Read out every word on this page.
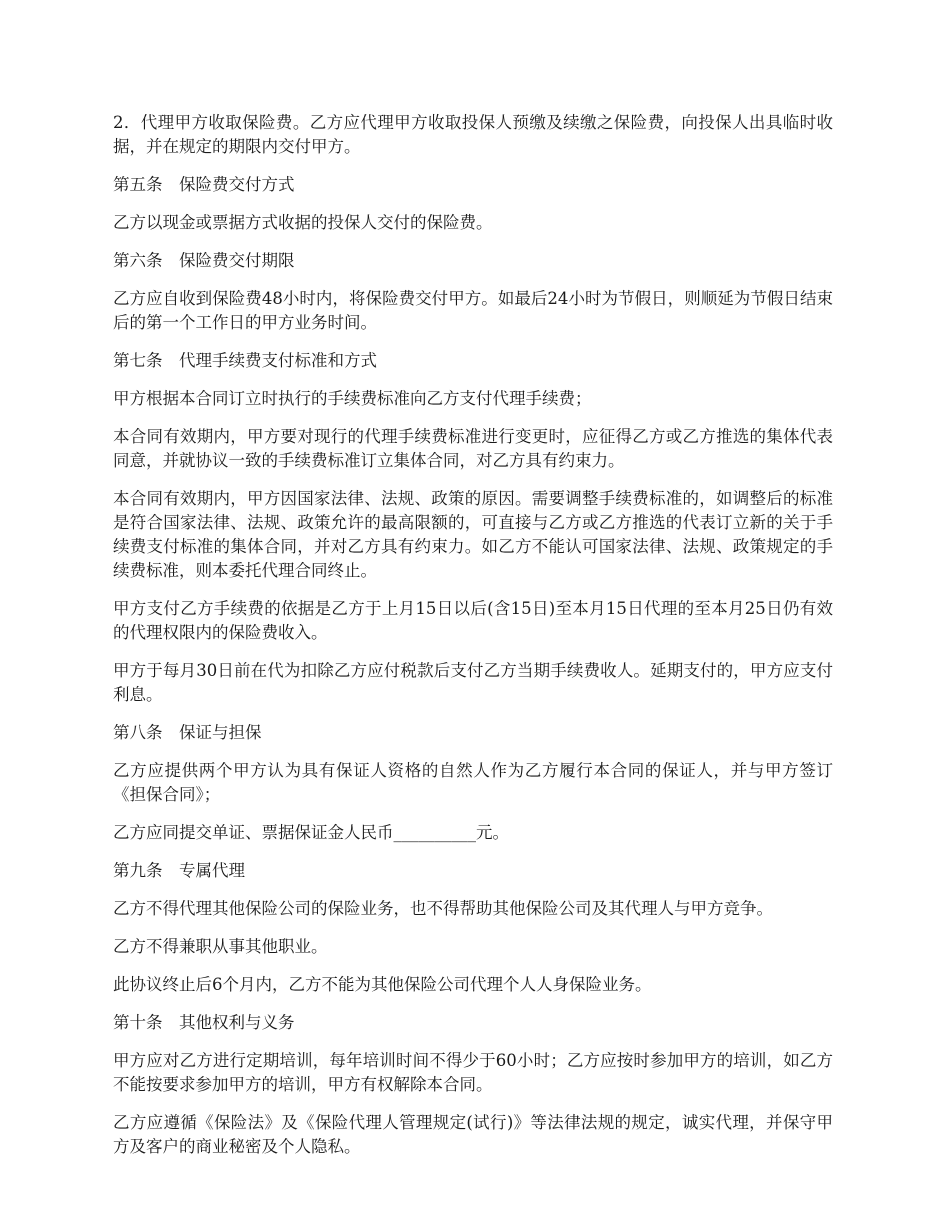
2．代理甲方收取保险费。乙方应代理甲方收取投保人预缴及续缴之保险费，向投保人出具临时收据，并在规定的期限内交付甲方。

第五条　保险费交付方式

乙方以现金或票据方式收据的投保人交付的保险费。

第六条　保险费交付期限

乙方应自收到保险费48小时内，将保险费交付甲方。如最后24小时为节假日，则顺延为节假日结束后的第一个工作日的甲方业务时间。

第七条　代理手续费支付标准和方式

甲方根据本合同订立时执行的手续费标准向乙方支付代理手续费；

本合同有效期内，甲方要对现行的代理手续费标准进行变更时，应征得乙方或乙方推选的集体代表同意，并就协议一致的手续费标准订立集体合同，对乙方具有约束力。

本合同有效期内，甲方因国家法律、法规、政策的原因。需要调整手续费标准的，如调整后的标准是符合国家法律、法规、政策允许的最高限额的，可直接与乙方或乙方推选的代表订立新的关于手续费支付标准的集体合同，并对乙方具有约束力。如乙方不能认可国家法律、法规、政策规定的手续费标准，则本委托代理合同终止。

甲方支付乙方手续费的依据是乙方于上月15日以后(含15日)至本月15日代理的至本月25日仍有效的代理权限内的保险费收入。

甲方于每月30日前在代为扣除乙方应付税款后支付乙方当期手续费收人。延期支付的，甲方应支付利息。

第八条　保证与担保

乙方应提供两个甲方认为具有保证人资格的自然人作为乙方履行本合同的保证人，并与甲方签订《担保合同》；

乙方应同提交单证、票据保证金人民币__________元。

第九条　专属代理

乙方不得代理其他保险公司的保险业务，也不得帮助其他保险公司及其代理人与甲方竞争。

乙方不得兼职从事其他职业。

此协议终止后6个月内，乙方不能为其他保险公司代理个人人身保险业务。

第十条　其他权利与义务

甲方应对乙方进行定期培训，每年培训时间不得少于60小时；乙方应按时参加甲方的培训，如乙方不能按要求参加甲方的培训，甲方有权解除本合同。

乙方应遵循《保险法》及《保险代理人管理规定(试行)》等法律法规的规定，诚实代理，并保守甲方及客户的商业秘密及个人隐私。
